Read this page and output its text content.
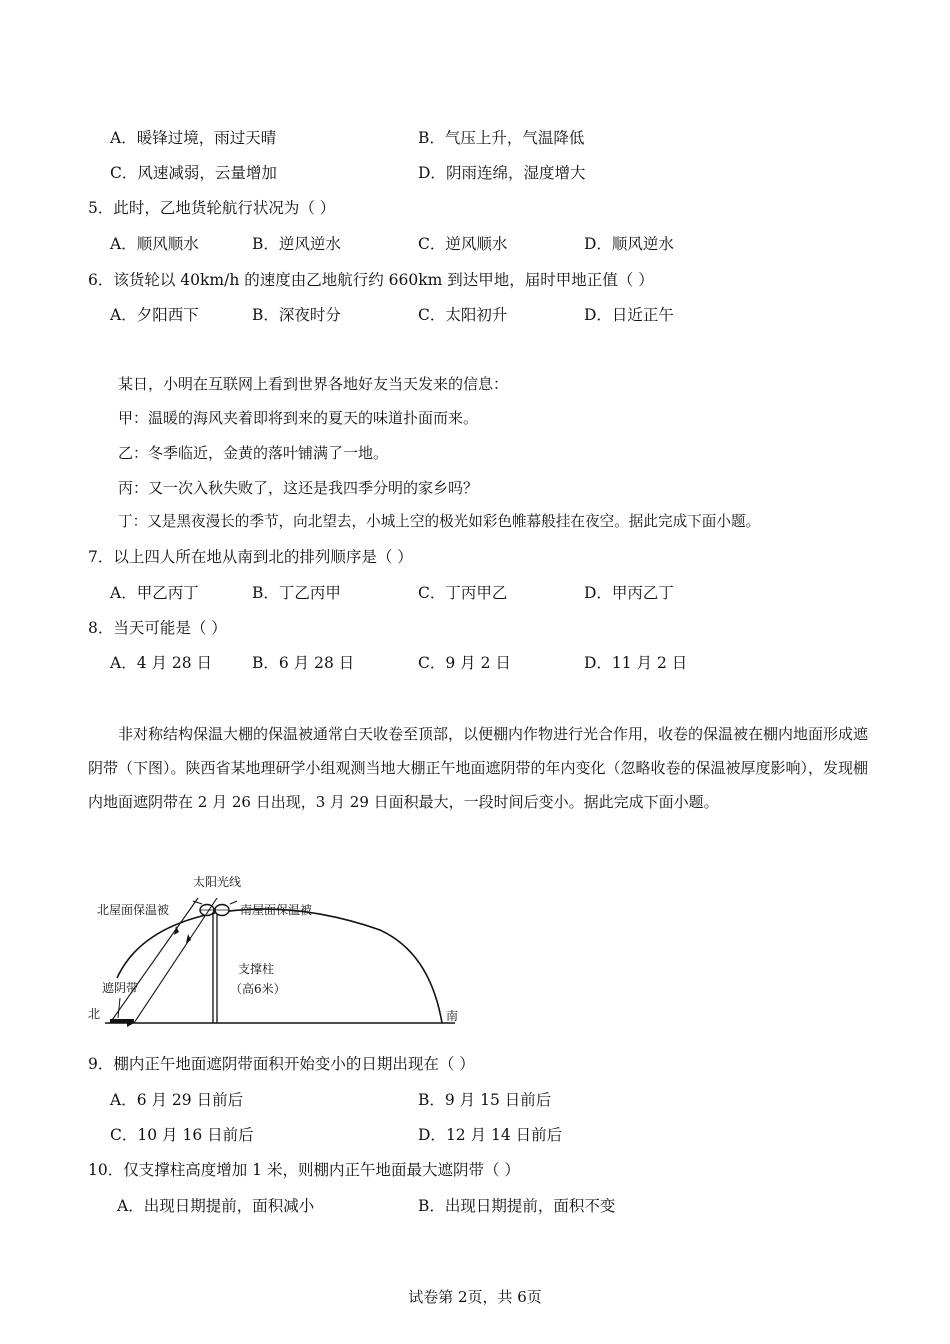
A．暖锋过境，雨过天晴	B．气压上升，气温降低
C．风速减弱，云量增加	D．阴雨连绵，湿度增大
5．此时，乙地货轮航行状况为（ ）
A．顺风顺水	B．逆风逆水	C．逆风顺水	D．顺风逆水
6．该货轮以 40km/h 的速度由乙地航行约 660km 到达甲地，届时甲地正值（ ）
A．夕阳西下	B．深夜时分	C．太阳初升	D．日近正午
某日，小明在互联网上看到世界各地好友当天发来的信息：
甲：温暖的海风夹着即将到来的夏天的味道扑面而来。
乙：冬季临近，金黄的落叶铺满了一地。
丙：又一次入秋失败了，这还是我四季分明的家乡吗？
丁：又是黑夜漫长的季节，向北望去，小城上空的极光如彩色帷幕般挂在夜空。据此完成下面小题。
7．以上四人所在地从南到北的排列顺序是（ ）
A．甲乙丙丁	B．丁乙丙甲	C．丁丙甲乙	D．甲丙乙丁
8．当天可能是（ ）
A．4 月 28 日	B．6 月 28 日	C．9 月 2 日	D．11 月 2 日
非对称结构保温大棚的保温被通常白天收卷至顶部，以便棚内作物进行光合作用，收卷的保温被在棚内地面形成遮阴带（下图）。陕西省某地理研学小组观测当地大棚正午地面遮阴带的年内变化（忽略收卷的保温被厚度影响），发现棚内地面遮阴带在 2 月 26 日出现，3 月 29 日面积最大，一段时间后变小。据此完成下面小题。
太阳光线
北屋面保温被	南屋面保温被
支撑柱
（高6米）
遮阴带
北	南
9．棚内正午地面遮阴带面积开始变小的日期出现在（ ）
A．6 月 29 日前后	B．9 月 15 日前后
C．10 月 16 日前后	D．12 月 14 日前后
10．仅支撑柱高度增加 1 米，则棚内正午地面最大遮阴带（ ）
A．出现日期提前，面积减小	B．出现日期提前，面积不变
试卷第 2页，共 6页
